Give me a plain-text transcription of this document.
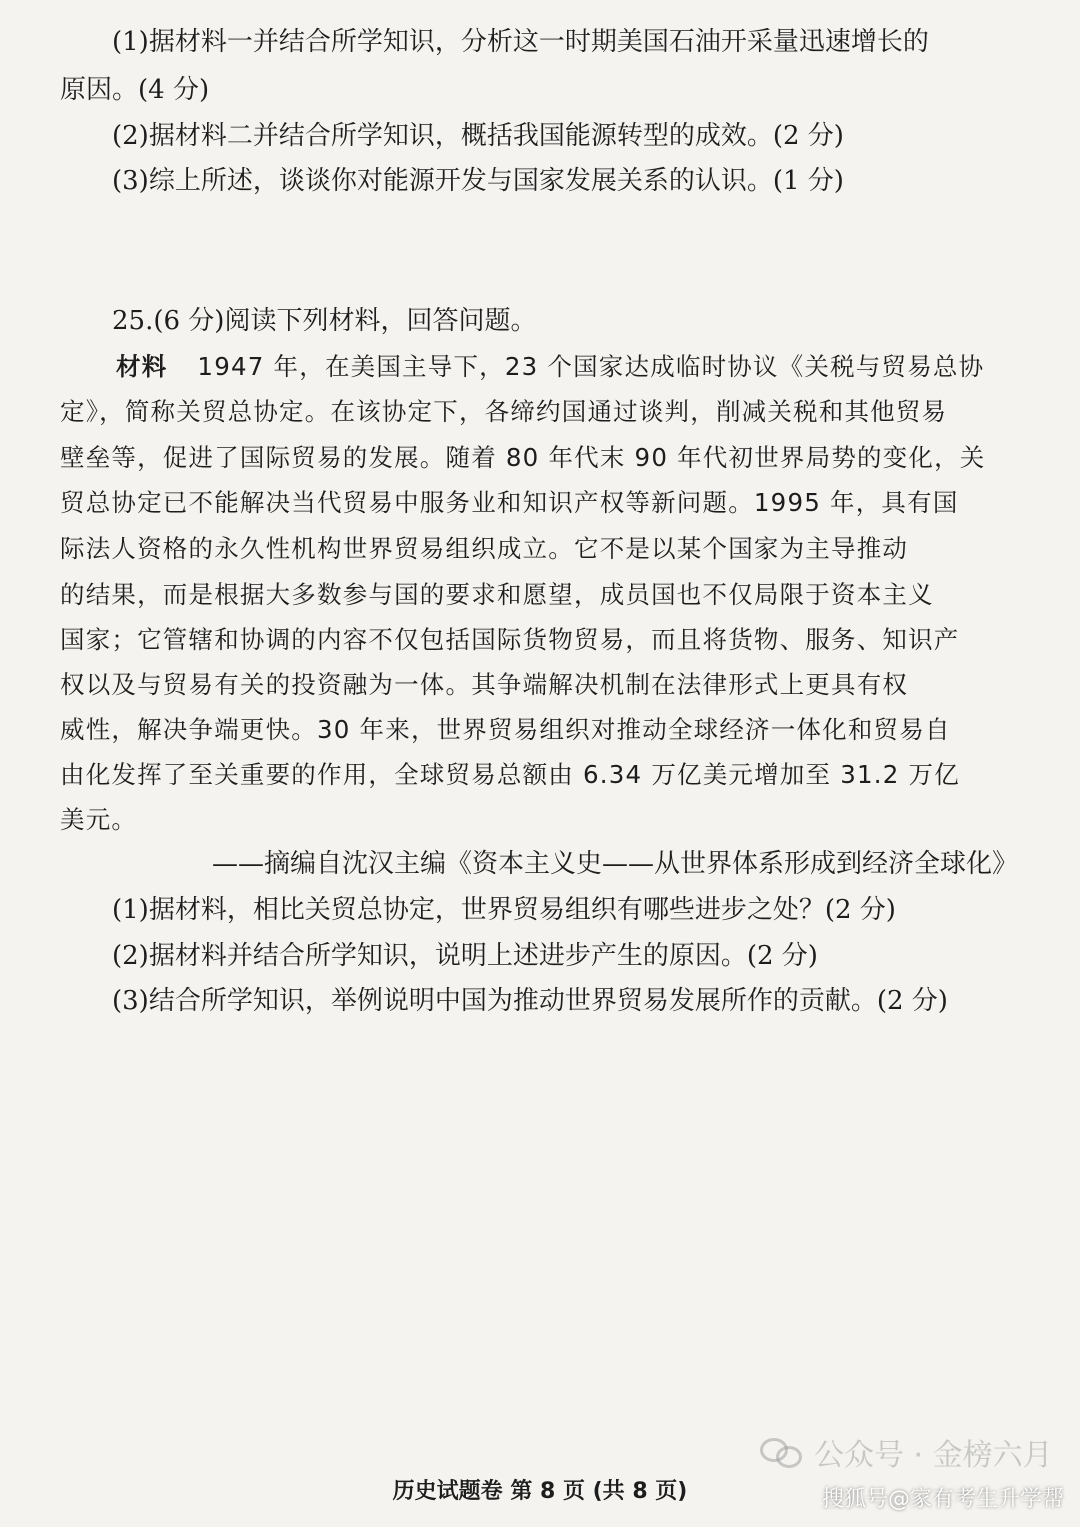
(1)据材料一并结合所学知识，分析这一时期美国石油开采量迅速增长的
原因。(4 分)
(2)据材料二并结合所学知识，概括我国能源转型的成效。(2 分)
(3)综上所述，谈谈你对能源开发与国家发展关系的认识。(1 分)
25.(6 分)阅读下列材料，回答问题。
材料 1947 年，在美国主导下，23 个国家达成临时协议《关税与贸易总协
定》，简称关贸总协定。在该协定下，各缔约国通过谈判，削减关税和其他贸易
壁垒等，促进了国际贸易的发展。随着 80 年代末 90 年代初世界局势的变化，关
贸总协定已不能解决当代贸易中服务业和知识产权等新问题。1995 年，具有国
际法人资格的永久性机构世界贸易组织成立。它不是以某个国家为主导推动
的结果，而是根据大多数参与国的要求和愿望，成员国也不仅局限于资本主义
国家；它管辖和协调的内容不仅包括国际货物贸易，而且将货物、服务、知识产
权以及与贸易有关的投资融为一体。其争端解决机制在法律形式上更具有权
威性，解决争端更快。30 年来，世界贸易组织对推动全球经济一体化和贸易自
由化发挥了至关重要的作用，全球贸易总额由 6.34 万亿美元增加至 31.2 万亿
美元。
——摘编自沈汉主编《资本主义史——从世界体系形成到经济全球化》
(1)据材料，相比关贸总协定，世界贸易组织有哪些进步之处？(2 分)
(2)据材料并结合所学知识，说明上述进步产生的原因。(2 分)
(3)结合所学知识，举例说明中国为推动世界贸易发展所作的贡献。(2 分)
公众号 · 金榜六月
历史试题卷 第 8 页 (共 8 页)	搜狐号@家有考生升学帮
